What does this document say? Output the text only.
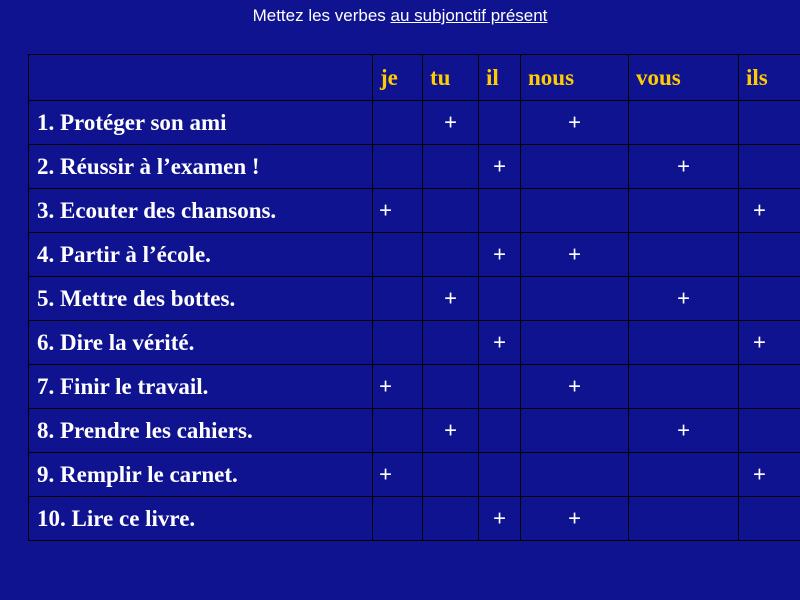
Mettez les verbes au subjonctif présent
	je	tu	il	nous	vous	ils
1. Protéger son ami		+		+		
2. Réussir à l’examen !			+		+	
3. Ecouter des chansons.	+					+
4. Partir à l’école.			+	+		
5. Mettre des bottes.		+			+	
6. Dire la vérité.			+			+
7. Finir le travail.	+			+		
8. Prendre les cahiers.		+			+	
9. Remplir le carnet.	+					+
10. Lire ce livre.			+	+		
